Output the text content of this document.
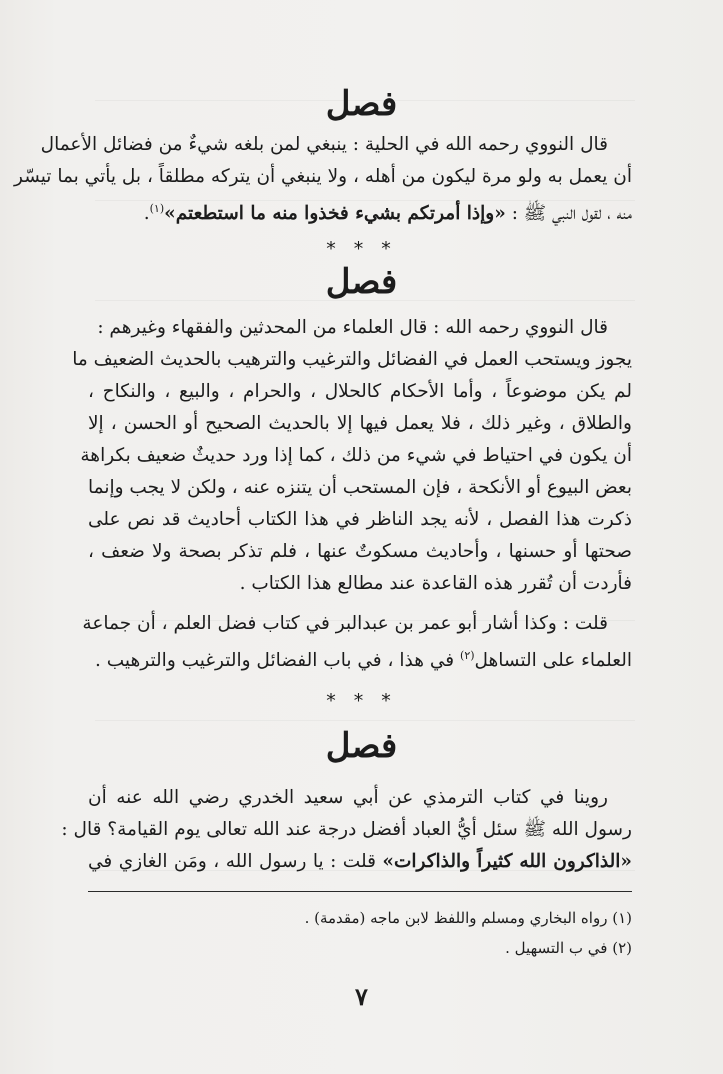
فصل
قال النووي رحمه الله في الحلية : ينبغي لمن بلغه شيءٌ من فضائل الأعمال
أن يعمل به ولو مرة ليكون من أهله ، ولا ينبغي أن يتركه مطلقاً ، بل يأتي بما تيسّر
منه ، لقول النبي ﷺ : «وإذا أمرتكم بشيء فخذوا منه ما استطعتم»$^{(١)}$.
* * *
فصل
قال النووي رحمه الله : قال العلماء من المحدثين والفقهاء وغيرهم :
يجوز ويستحب العمل في الفضائل والترغيب والترهيب بالحديث الضعيف ما
لم يكن موضوعاً ، وأما الأحكام كالحلال ، والحرام ، والبيع ، والنكاح ،
والطلاق ، وغير ذلك ، فلا يعمل فيها إلا بالحديث الصحيح أو الحسن ، إلا
أن يكون في احتياط في شيء من ذلك ، كما إذا ورد حديثٌ ضعيف بكراهة
بعض البيوع أو الأنكحة ، فإن المستحب أن يتنزه عنه ، ولكن لا يجب وإنما
ذكرت هذا الفصل ، لأنه يجد الناظر في هذا الكتاب أحاديث قد نص على
صحتها أو حسنها ، وأحاديث مسكوتٌ عنها ، فلم تذكر بصحة ولا ضعف ،
فأردت أن تُقرر هذه القاعدة عند مطالع هذا الكتاب .
قلت : وكذا أشار أبو عمر بن عبدالبر في كتاب فضل العلم ، أن جماعة
العلماء على التساهل$^{(٢)}$ في هذا ، في باب الفضائل والترغيب والترهيب .
* * *
فصل
روينا في كتاب الترمذي عن أبي سعيد الخدري رضي الله عنه أن
رسول الله ﷺ سئل أيُّ العباد أفضل درجة عند الله تعالى يوم القيامة؟ قال :
«الذاكرون الله كثيراً والذاكرات» قلت : يا رسول الله ، ومَن الغازي في
(١) رواه البخاري ومسلم واللفظ لابن ماجه (مقدمة) .
(٢) في ب التسهيل .
٧
